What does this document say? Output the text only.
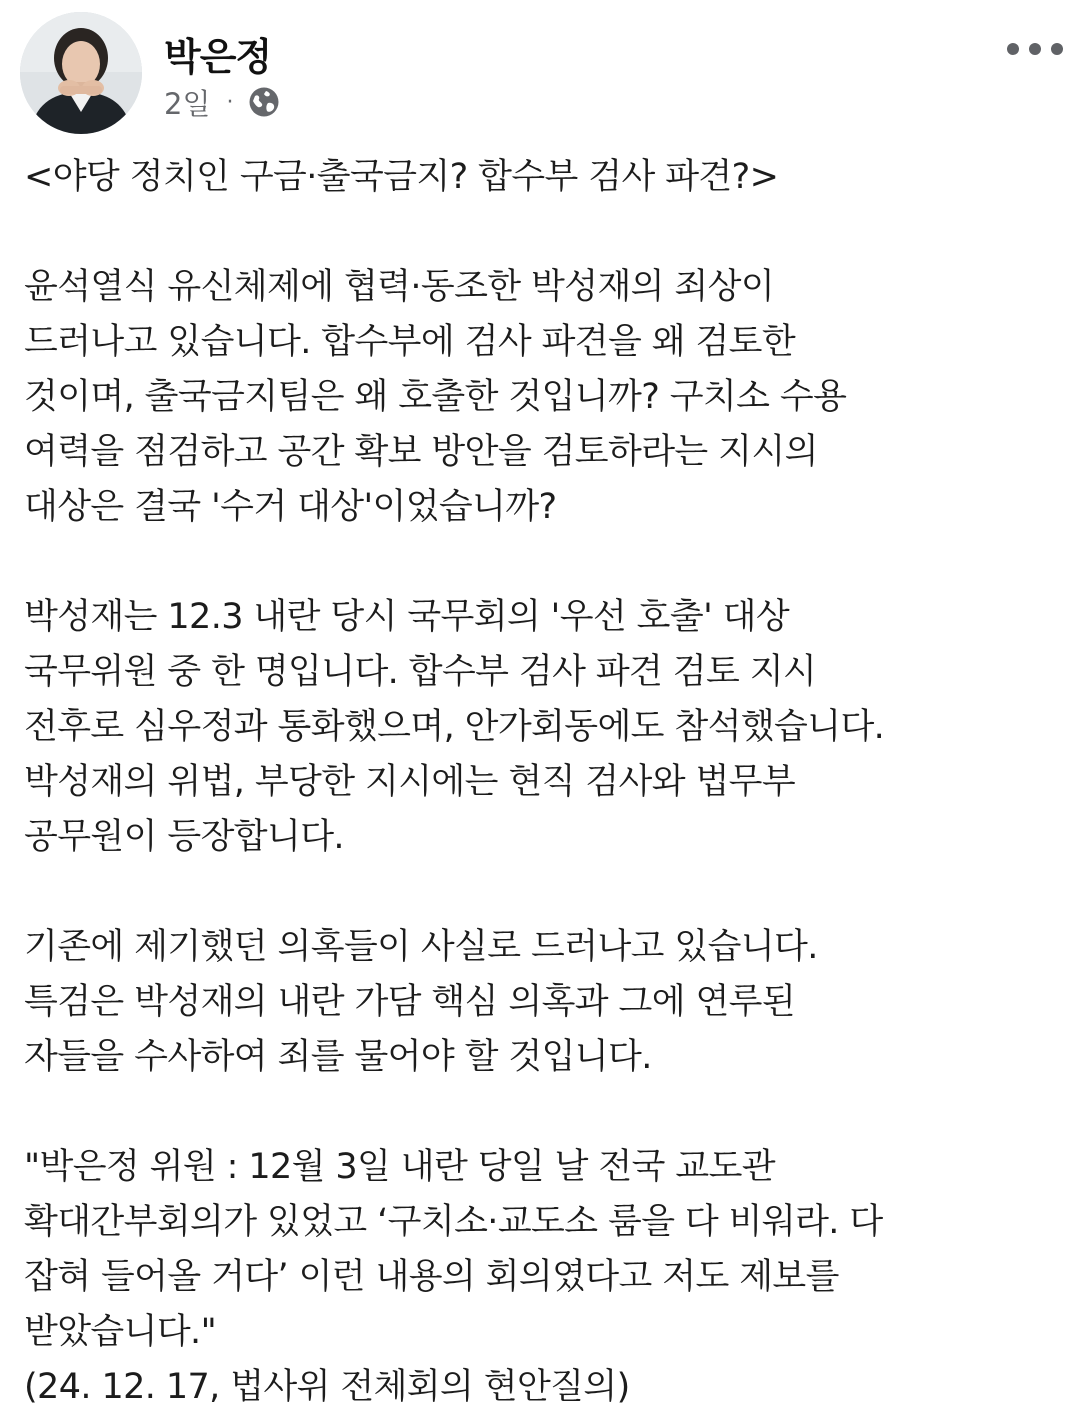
박은정
2일 ·
<야당 정치인 구금·출국금지? 합수부 검사 파견?>
윤석열식 유신체제에 협력·동조한 박성재의 죄상이
드러나고 있습니다. 합수부에 검사 파견을 왜 검토한
것이며, 출국금지팀은 왜 호출한 것입니까? 구치소 수용
여력을 점검하고 공간 확보 방안을 검토하라는 지시의
대상은 결국 '수거 대상'이었습니까?
박성재는 12.3 내란 당시 국무회의 '우선 호출' 대상
국무위원 중 한 명입니다. 합수부 검사 파견 검토 지시
전후로 심우정과 통화했으며, 안가회동에도 참석했습니다.
박성재의 위법, 부당한 지시에는 현직 검사와 법무부
공무원이 등장합니다.
기존에 제기했던 의혹들이 사실로 드러나고 있습니다.
특검은 박성재의 내란 가담 핵심 의혹과 그에 연루된
자들을 수사하여 죄를 물어야 할 것입니다.
"박은정 위원 : 12월 3일 내란 당일 날 전국 교도관
확대간부회의가 있었고 ‘구치소·교도소 룸을 다 비워라. 다
잡혀 들어올 거다’ 이런 내용의 회의였다고 저도 제보를
받았습니다."
(24. 12. 17, 법사위 전체회의 현안질의)
